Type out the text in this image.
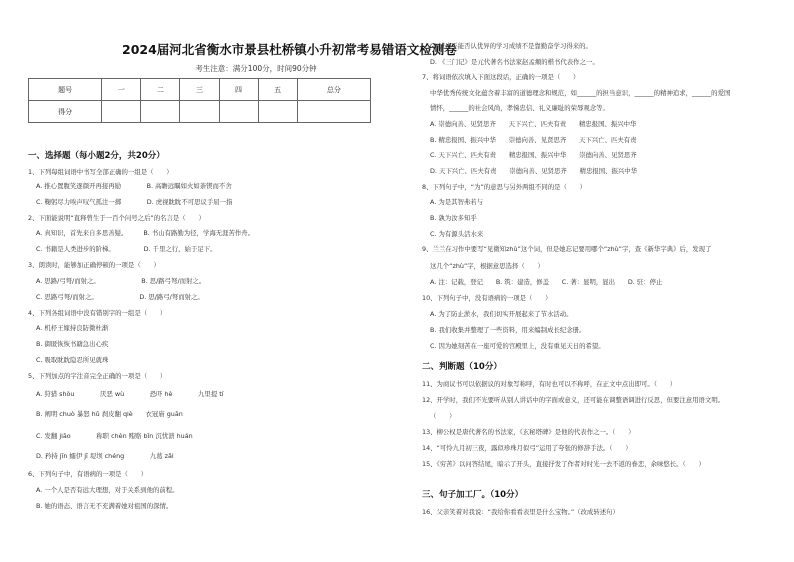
2024届河北省衡水市景县杜桥镇小升初常考易错语文检测卷
考生注意：满分100分，时间90分钟
题号	一	二	三	四	五	总分
得分						
一、选择题（每小题2分，共20分）
1、下列每组词语中书写全部正确的一组是（　　）
A. 推心置腹笑逐颜开再接再励　　　　B. 高瞻远瞩如火如荼锲而不舍
C. 鞠躬尽力唉声叹气孤注一掷　　　　D. 虎视眈眈不可思议手屈一指
2、下面能说明“直释曾生于一百个问号之后”的名言是（　　）
A. 真知识，首先来自多思善疑。　　　B. 书山有路勤为径，学海无涯苦作舟。
C. 书籍是人类进步的阶梯。　　　　　D. 千里之行，始于足下。
3、朗读时，能够加正确停顿的一项是（　　）
A. 思路/弓弩/而射之。　　　　　　　B. 思/路弓弩/而射之。
C. 思路弓弩/而射之。　　　　　　　D. 思/路弓/弩而射之。
4、下列各组词语中没有错别字的一组是（　　）
A. 机杼王嫁持良防微杜渐
B. 御匿恢恢书籍急出心疾
C. 吸取眈眈隐忍所见就珠
5、下列加点的字注音完全正确的一项是（　　）
A. 狩猎 shòu　　　　厌恶 wù　　　　恐吓 hè　　　　九里提 tí
B. 阐明 chuò 暴怒 hǔ 刹皮翻 qiè　　衣冠庙 guān
C. 发翻 jiāo　　　　称职 chèn 贿赂 bǐn 沉忧溃 huán
D. 矜持 jīn 蠕伊 jī 堤坝 chéng　　　　九葛 zǎi
6、下列句子中，有语病的一项是（　　）
A. 一个人是否有远大理想，对于关系到他的前程。
B. 她的语态、语言无不充满着她对祖国的深情。
C. 诚也不能否认优异的学习成绩不是靠勤奋学习得来的。
D. 《三门记》是元代著名书法家赵孟頫的楷书代表作之一。
7、将词语依次填入下面这段话，正确的一项是（　　）
中华优秀传统文化蕴含着丰富的道德理念和规范，如______的担当意识，______的精神追求，______的爱国
情怀，______的社会风尚，孝悌忠信、礼义廉耻的荣辱观念等。
A. 崇德向善、见贤思齐　　天下兴亡、匹夫有责　　精忠报国、振兴中华
B. 精忠报国、振兴中华　　崇德向善、见贤思齐　　天下兴亡、匹夫有责
C. 天下兴亡、匹夫有责　　精忠报国、振兴中华　　崇德向善、见贤思齐
D. 天下兴亡、匹夫有责　　崇德向善、见贤思齐　　精忠报国、振兴中华
8、下列句子中，“为”的意思与另外两组不同的是（　　）
A. 为是其智弗若与
B. 孰为汝多知乎
C. 为有源头活水来
9、兰兰在习作中要写“见微知zhù”这个词，但是她忘记要用哪个“zhù”字，查《新华字典》后，发现了
这几个“zhù”字，根据意思选择（　　）
A. 注：记载，登记　　B. 筑：建造，修盖　　C. 著：显明，显出　　D. 驻：停止
10、下列句子中，没有语病的一项是（　　）
A. 为了防止淤水，我们切实开展起来了节水活动。
B. 我们收集并整理了一些资料，用来编制成长纪念册。
C. 因为她刻苦在一座可爱的宫殿里上，没有重见天日的希望。
二、判断题（10分）
11、为商议书可以依据议的对象写称呼，有时也可以不称呼，在正文中点出即可。（　　）
12、开学时，我们不光要听从别人讲话中的字面或意义，还可能在调整语调进行反思，但要注意用语文明。
（　　）
13、柳公权是唐代著名的书法家，《玄秘塔碑》是他的代表作之一。（　　）
14、“可怜九月初三夜，露似珍珠月似弓”运用了夸张的修辞手法。（　　）
15、《穷苦》以问答结尾，暗示了开头，直接抒发了作者对时光一去不返的眷恋，余味悠长。（　　）
三、句子加工厂。（10分）
16、父亲笑着对我说：“我给你看看表里是什么宝物。”（改成转述句）
